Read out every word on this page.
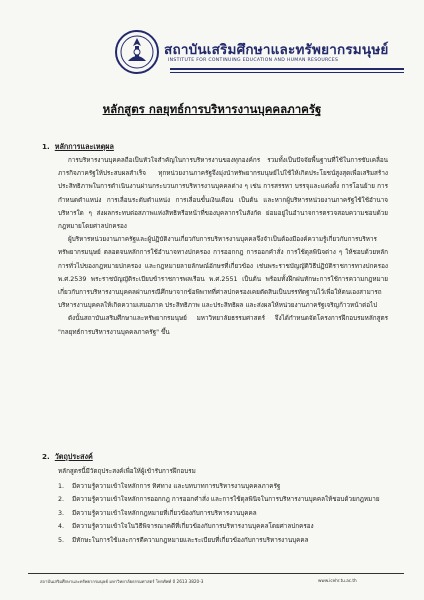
สถาบันเสริมศึกษาและทรัพยากรมนุษย์
INSTITUTE FOR CONTINUING EDUCATION AND HUMAN RESOURCES
หลักสูตร กลยุทธ์การบริหารงานบุคคลภาครัฐ
1. หลักการและเหตุผล

การบริหารงานบุคคลถือเป็นหัวใจสำคัญในการบริหารงานของทุกองค์กร รวมทั้งเป็นปัจจัยพื้นฐานที่ใช้ในการขับเคลื่อนภารกิจภาครัฐให้ประสบผลสำเร็จ ทุกหน่วยงานภาครัฐจึงมุ่งนำทรัพยากรมนุษย์ไปใช้ให้เกิดประโยชน์สูงสุดเพื่อเสริมสร้างประสิทธิภาพในการดำเนินงานผ่านกระบวนการบริหารงานบุคคลต่าง ๆ เช่น การสรรหา บรรจุและแต่งตั้ง การโอนย้าย การกำหนดตำแหน่ง การเลื่อนระดับตำแหน่ง การเลื่อนขั้นเงินเดือน เป็นต้น และหากผู้บริหารหน่วยงานภาครัฐใช้ใช้อำนาจบริหารใด ๆ ส่งผลกระทบต่อสภาพแห่งสิทธิหรือหน้าที่ของบุคลากรในสังกัด ย่อมอยู่ในอำนาจการตรวจสอบความชอบด้วยกฎหมายโดยศาลปกครอง

ผู้บริหารหน่วยงานภาครัฐและผู้ปฏิบัติงานเกี่ยวกับการบริหารงานบุคคลจึงจำเป็นต้องมีองค์ความรู้เกี่ยวกับการบริหารทรัพยากรมนุษย์ ตลอดจนหลักการใช้อำนาจทางปกครอง การออกกฎ การออกคำสั่ง การใช้ดุลพินิจต่าง ๆ ให้ชอบด้วยหลักการทั่วไปของกฎหมายปกครอง และกฎหมายลายลักษณ์อักษรที่เกี่ยวข้อง เช่นพระราชบัญญัติวิธีปฏิบัติราชการทางปกครอง พ.ศ.2539 พระราชบัญญัติระเบียบข้าราชการพลเรือน พ.ศ.2551 เป็นต้น พร้อมทั้งฝึกฝนทักษะการใช้การความกฎหมายเกี่ยวกับการบริหารงานบุคคลผ่านกรณีศึกษาจากข้อพิพาทที่ศาลปกครองเคยตัดสินเป็นบรรทัดฐานไว้เพื่อให้ตนเองสามารถบริหารงานบุคคลให้เกิดความเสมอภาค ประสิทธิภาพ และประสิทธิผล และส่งผลให้หน่วยงานภาครัฐเจริญก้าวหน้าต่อไป

ดังนั้นสถาบันเสริมศึกษาและทรัพยากรมนุษย์ มหาวิทยาลัยธรรมศาสตร์ จึงได้กำหนดจัดโครงการฝึกอบรมหลักสูตร "กลยุทธ์การบริหารงานบุคคลภาครัฐ" ขึ้น

2. วัตถุประสงค์
หลักสูตรนี้มีวัตถุประสงค์เพื่อให้ผู้เข้ารับการฝึกอบรม
1.	มีความรู้ความเข้าใจหลักการ ทิศทาง และบทบาทการบริหารงานบุคคลภาครัฐ
2.	มีความรู้ความเข้าใจหลักการออกกฎ การออกคำสั่ง และการใช้ดุลพินิจในการบริหารงานบุคคลให้ชอบด้วยกฎหมาย
3.	มีความรู้ความเข้าใจหลักกฎหมายที่เกี่ยวข้องกับการบริหารงานบุคคล
4.	มีความรู้ความเข้าใจในวิธีพิจารณาคดีที่เกี่ยวข้องกับการบริหารงานบุคคลโดยศาลปกครอง
5.	มีทักษะในการใช้และการตีความกฎหมายและระเบียบที่เกี่ยวข้องกับการบริหารงานบุคคล
สถาบันเสริมศึกษาและทรัพยากรมนุษย์ มหาวิทยาลัยธรรมศาสตร์ โทรศัพท์ 0 2613 3820-3	www.icehr.tu.ac.th
